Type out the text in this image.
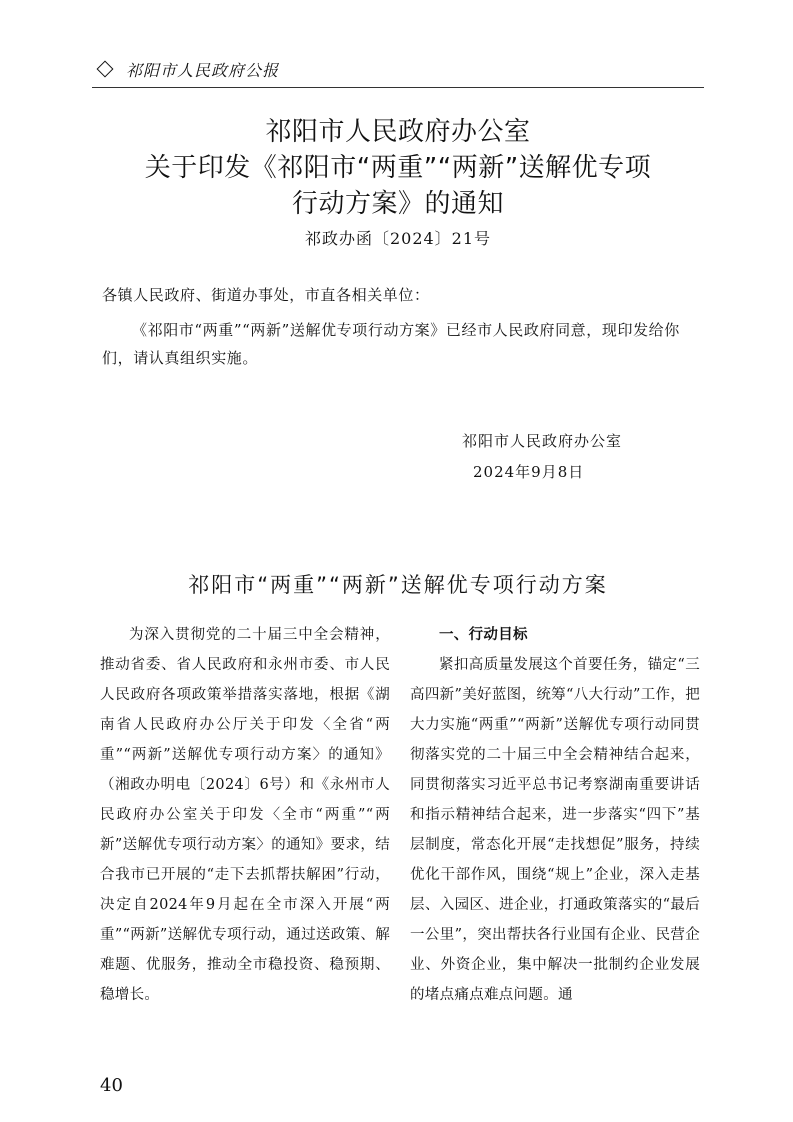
祁阳市人民政府公报
祁阳市人民政府办公室
关于印发《祁阳市“两重”“两新”送解优专项
行动方案》的通知
祁政办函〔2024〕21号
各镇人民政府、街道办事处，市直各相关单位：
《祁阳市“两重”“两新”送解优专项行动方案》已经市人民政府同意，现印发给你们，请认真组织实施。
祁阳市人民政府办公室
2024年9月8日
祁阳市“两重”“两新”送解优专项行动方案

为深入贯彻党的二十届三中全会精神，推动省委、省人民政府和永州市委、市人民人民政府各项政策举措落实落地，根据《湖南省人民政府办公厅关于印发〈全省“两重”“两新”送解优专项行动方案〉的通知》（湘政办明电〔2024〕6号）和《永州市人民政府办公室关于印发〈全市“两重”“两新”送解优专项行动方案〉的通知》要求，结合我市已开展的“走下去抓帮扶解困”行动，决定自2024年9月起在全市深入开展“两重”“两新”送解优专项行动，通过送政策、解难题、优服务，推动全市稳投资、稳预期、稳增长。

一、行动目标

紧扣高质量发展这个首要任务，锚定“三高四新”美好蓝图，统筹“八大行动”工作，把大力实施“两重”“两新”送解优专项行动同贯彻落实党的二十届三中全会精神结合起来，同贯彻落实习近平总书记考察湖南重要讲话和指示精神结合起来，进一步落实“四下”基层制度，常态化开展“走找想促”服务，持续优化干部作风，围绕“规上”企业，深入走基层、入园区、进企业，打通政策落实的“最后一公里”，突出帮扶各行业国有企业、民营企业、外资企业，集中解决一批制约企业发展的堵点痛点难点问题。通

40
